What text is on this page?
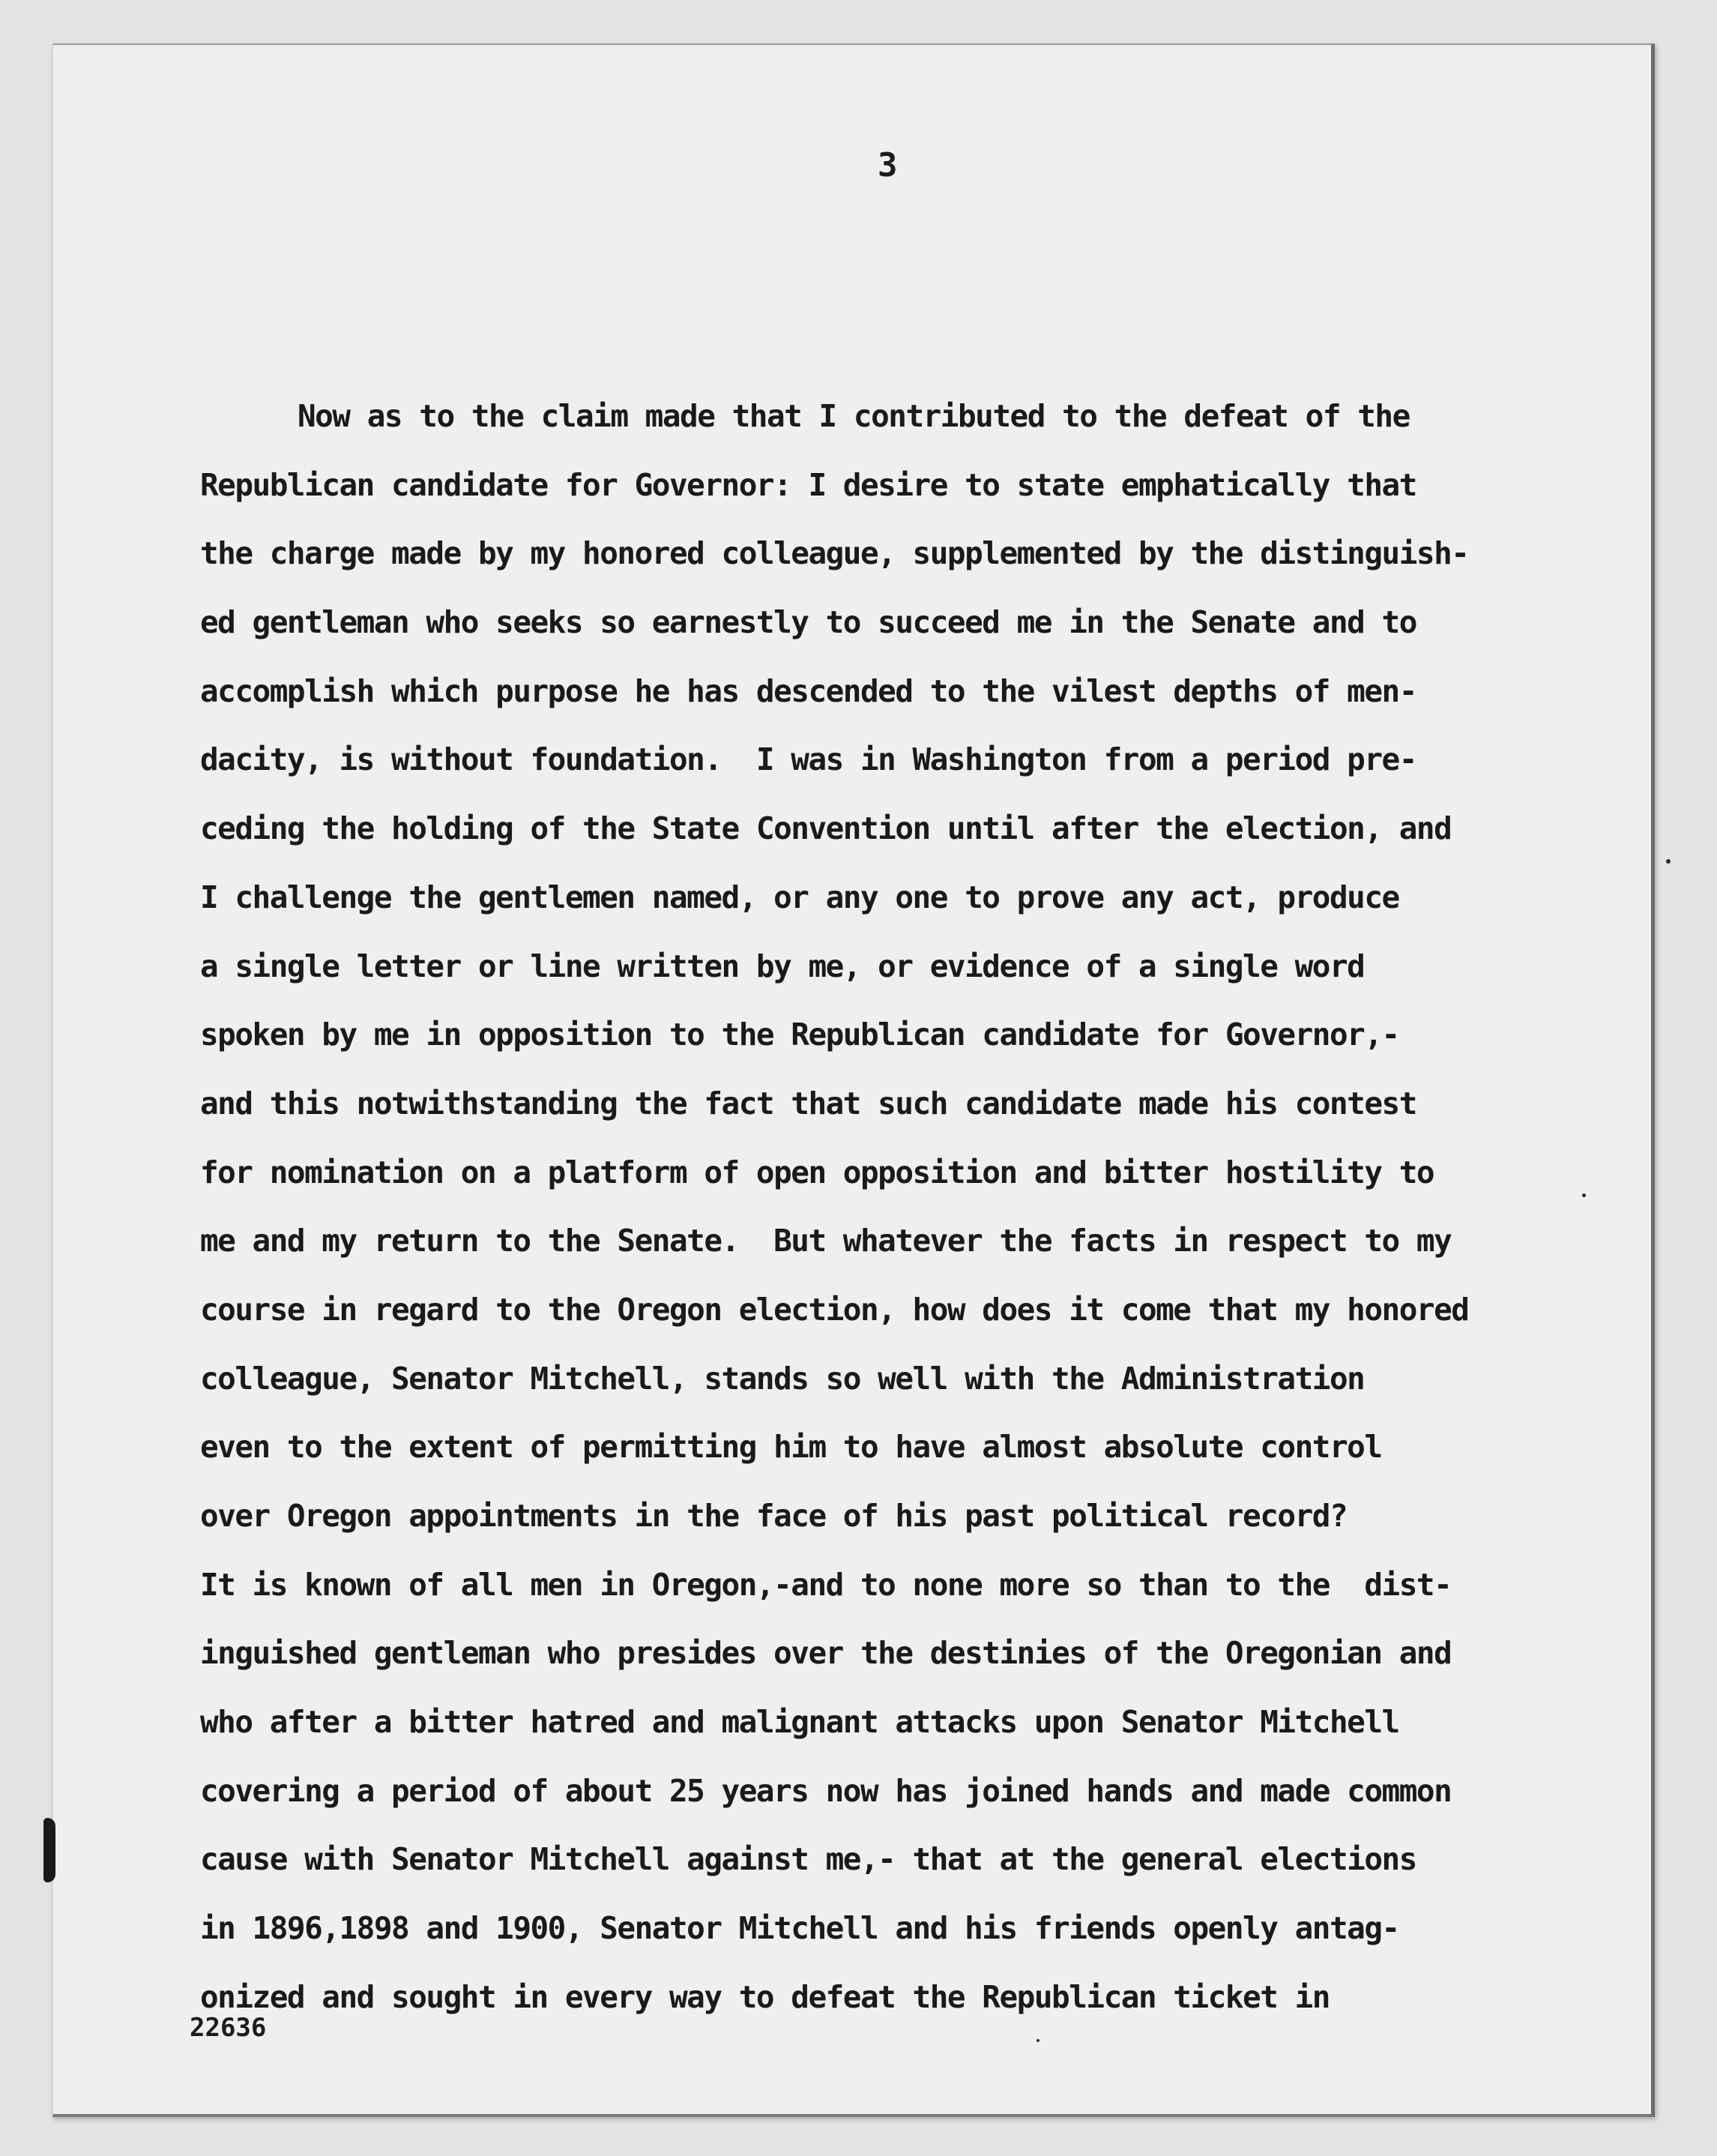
3
Now as to the claim made that I contributed to the defeat of the
Republican candidate for Governor: I desire to state emphatically that
the charge made by my honored colleague, supplemented by the distinguish-
ed gentleman who seeks so earnestly to succeed me in the Senate and to
accomplish which purpose he has descended to the vilest depths of men-
dacity, is without foundation.  I was in Washington from a period pre-
ceding the holding of the State Convention until after the election, and
I challenge the gentlemen named, or any one to prove any act, produce
a single letter or line written by me, or evidence of a single word
spoken by me in opposition to the Republican candidate for Governor,-
and this notwithstanding the fact that such candidate made his contest
for nomination on a platform of open opposition and bitter hostility to
me and my return to the Senate.  But whatever the facts in respect to my
course in regard to the Oregon election, how does it come that my honored
colleague, Senator Mitchell, stands so well with the Administration
even to the extent of permitting him to have almost absolute control
over Oregon appointments in the face of his past political record?
It is known of all men in Oregon,-and to none more so than to the  dist-
inguished gentleman who presides over the destinies of the Oregonian and
who after a bitter hatred and malignant attacks upon Senator Mitchell
covering a period of about 25 years now has joined hands and made common
cause with Senator Mitchell against me,- that at the general elections
in 1896,1898 and 1900, Senator Mitchell and his friends openly antag-
onized and sought in every way to defeat the Republican ticket in
22636
